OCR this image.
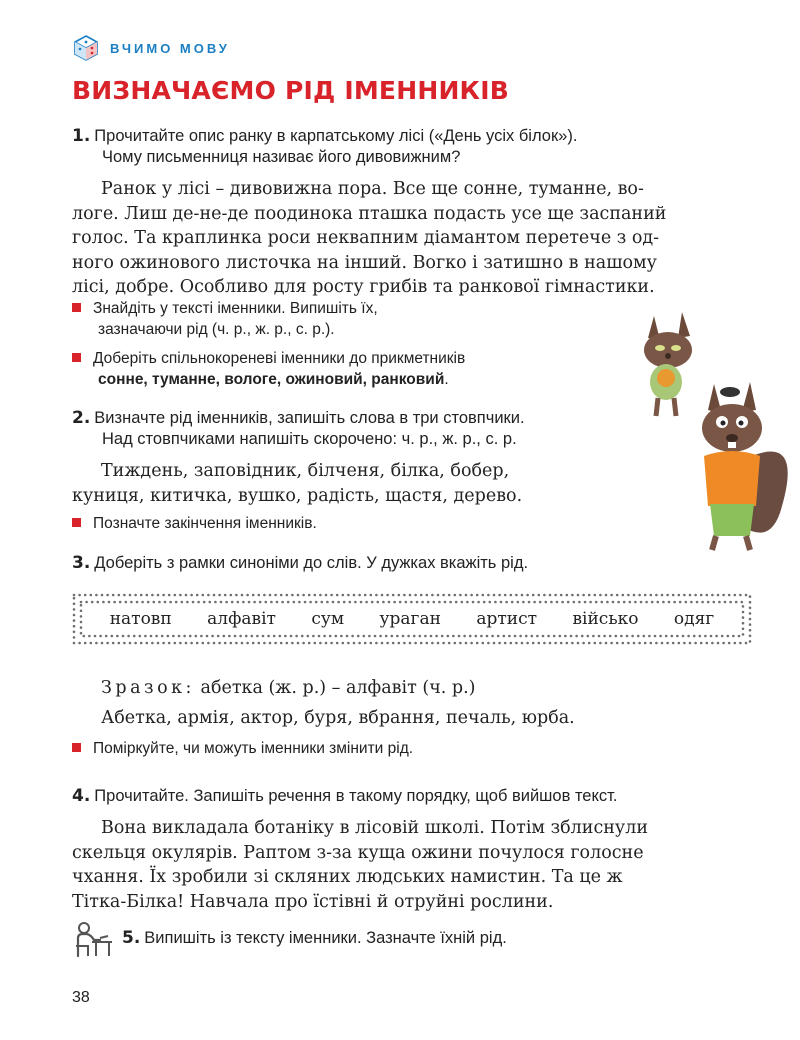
ВЧИМО МОВУ
ВИЗНАЧАЄМО РІД ІМЕННИКІВ
1. Прочитайте опис ранку в карпатському лісі («День усіх білок»).
Чому письменниця називає його дивовижним?
Ранок у лісі – дивовижна пора. Все ще сонне, туманне, во-
логе. Лиш де-не-де поодинока пташка подасть усе ще заспаний
голос. Та краплинка роси неквапним діамантом перетече з од-
ного ожинового листочка на інший. Вогко і затишно в нашому
лісі, добре. Особливо для росту грибів та ранкової гімнастики.
Знайдіть у тексті іменники. Випишіть їх,
зазначаючи рід (ч. р., ж. р., с. р.).
Доберіть спільнокореневі іменники до прикметників
сонне, туманне, вологе, ожиновий, ранковий.
2. Визначте рід іменників, запишіть слова в три стовпчики.
Над стовпчиками напишіть скорочено: ч. р., ж. р., с. р.
Тиждень, заповідник, білченя, білка, бобер,
куниця, китичка, вушко, радість, щастя, дерево.
Позначте закінчення іменників.
3. Доберіть з рамки синоніми до слів. У дужках вкажіть рід.
натовп алфавіт сум ураган артист військо одяг
Зразок: абетка (ж. р.) – алфавіт (ч. р.)
Абетка, армія, актор, буря, вбрання, печаль, юрба.
Поміркуйте, чи можуть іменники змінити рід.
4. Прочитайте. Запишіть речення в такому порядку, щоб вийшов текст.
Вона викладала ботаніку в лісовій школі. Потім зблиснули
скельця окулярів. Раптом з-за куща ожини почулося голосне
чхання. Їх зробили зі скляних людських намистин. Та це ж
Тітка-Білка! Навчала про їстівні й отруйні рослини.
5. Випишіть із тексту іменники. Зазначте їхній рід.
38
